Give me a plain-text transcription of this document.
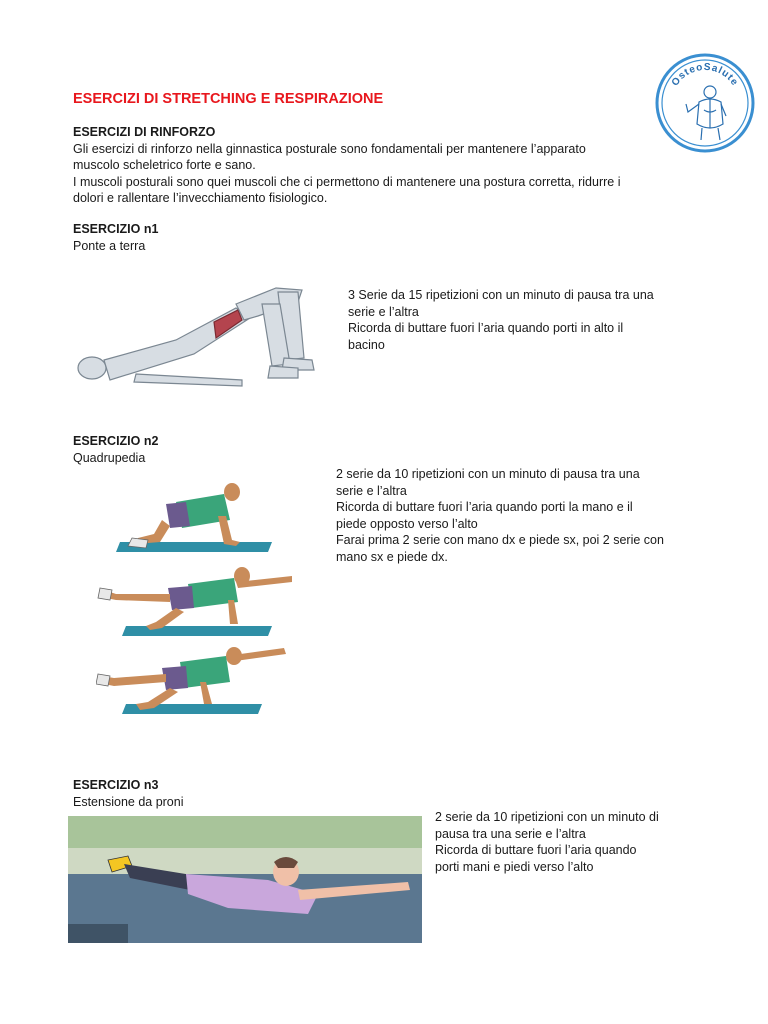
OsteoSalute
ESERCIZI DI STRETCHING E RESPIRAZIONE
ESERCIZI DI RINFORZO
Gli esercizi di rinforzo nella ginnastica posturale sono fondamentali per mantenere l’apparato
muscolo scheletrico forte e sano.
I muscoli posturali sono quei muscoli che ci permettono di mantenere una postura corretta, ridurre i
dolori e rallentare l’invecchiamento fisiologico.
ESERCIZIO n1
Ponte a terra
3 Serie da 15 ripetizioni con un minuto di pausa tra una
serie e l’altra
Ricorda di buttare fuori l’aria quando porti in alto il
bacino
ESERCIZIO n2
Quadrupedia
2 serie da 10 ripetizioni con un minuto di pausa tra una
serie e l’altra
Ricorda di buttare fuori l’aria quando porti la mano e il
piede opposto verso l’alto
Farai prima 2 serie con mano dx e piede sx, poi 2 serie con
mano sx e piede dx.
ESERCIZIO n3
Estensione da proni
2 serie da 10 ripetizioni con un minuto di
pausa tra una serie e l’altra
Ricorda di buttare fuori l’aria quando
porti mani e piedi verso l’alto
